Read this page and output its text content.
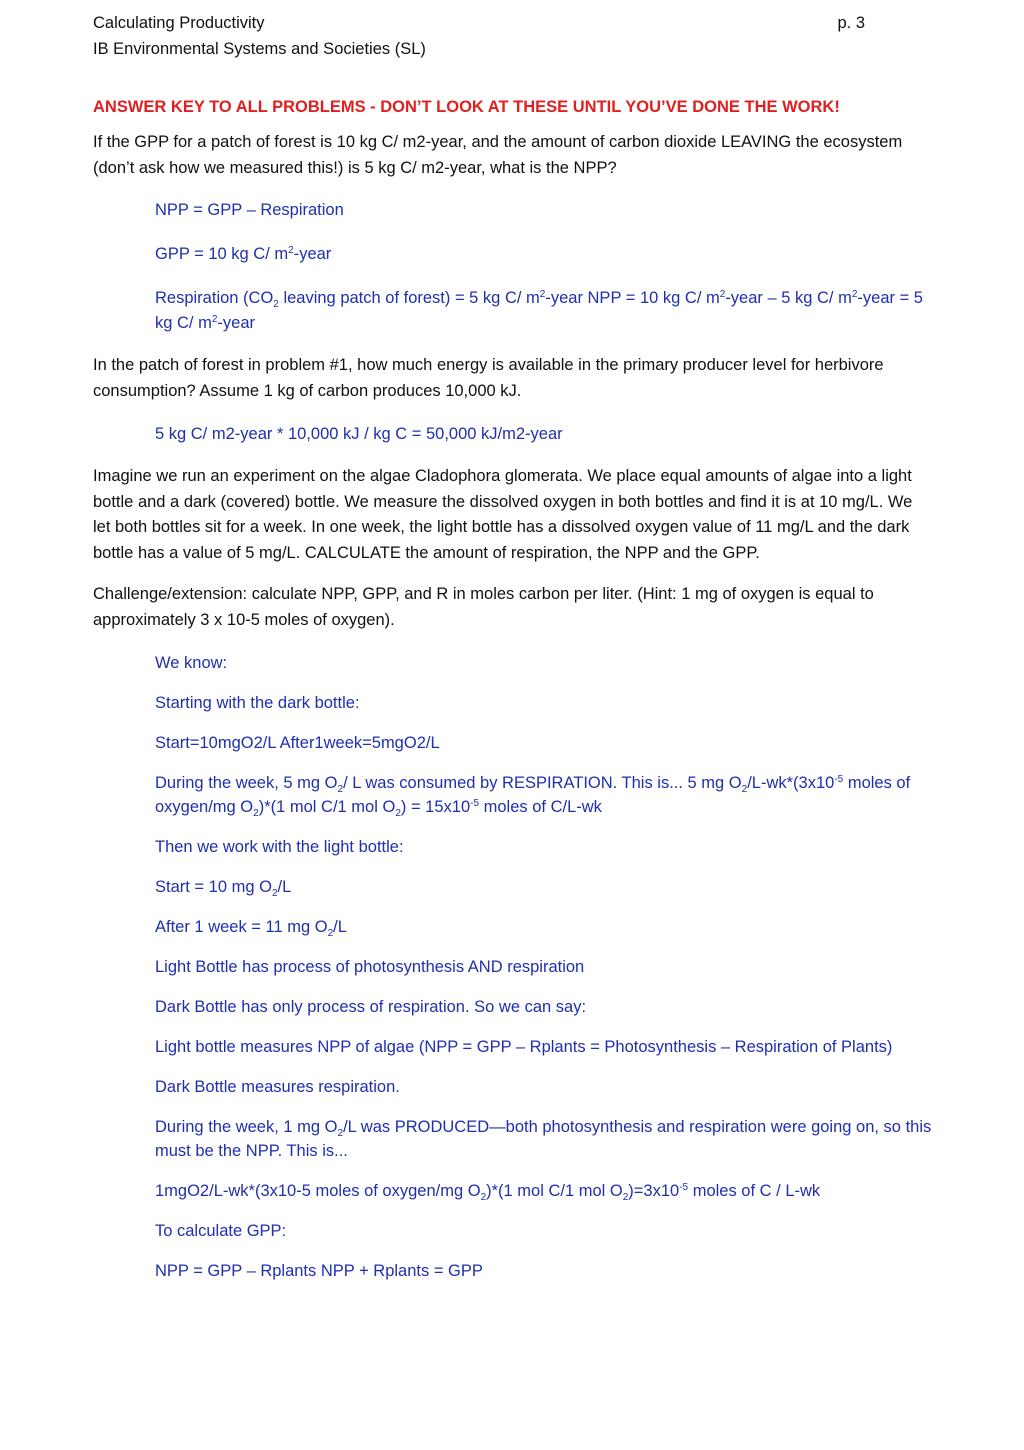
Calculating Productivity
IB Environmental Systems and Societies (SL)
p. 3
ANSWER KEY TO ALL PROBLEMS - DON’T LOOK AT THESE UNTIL YOU’VE DONE THE WORK!
If the GPP for a patch of forest is 10 kg C/ m2-year, and the amount of carbon dioxide LEAVING the ecosystem (don’t ask how we measured this!) is 5 kg C/ m2-year, what is the NPP?
NPP = GPP – Respiration
GPP = 10 kg C/ $m^2$-year
Respiration ($CO_2$ leaving patch of forest) = 5 kg C/ $m^2$-year NPP = 10 kg C/ $m^2$-year – 5 kg C/ $m^2$-year = 5 kg C/ $m^2$-year
In the patch of forest in problem #1, how much energy is available in the primary producer level for herbivore consumption? Assume 1 kg of carbon produces 10,000 kJ.
5 kg C/ m2-year * 10,000 kJ / kg C = 50,000 kJ/m2-year
Imagine we run an experiment on the algae Cladophora glomerata. We place equal amounts of algae into a light bottle and a dark (covered) bottle. We measure the dissolved oxygen in both bottles and find it is at 10 mg/L. We let both bottles sit for a week. In one week, the light bottle has a dissolved oxygen value of 11 mg/L and the dark bottle has a value of 5 mg/L. CALCULATE the amount of respiration, the NPP and the GPP.
Challenge/extension: calculate NPP, GPP, and R in moles carbon per liter. (Hint: 1 mg of oxygen is equal to approximately 3 x 10-5 moles of oxygen).
We know:
Starting with the dark bottle:
Start=10mgO2/L After1week=5mgO2/L
During the week, 5 mg $O_2/$ L was consumed by RESPIRATION. This is... 5 mg $O_2/L-wk*(3x10^{-5}$ moles of oxygen/mg $O_2)*(1$ mol C/1 mol $O_2) = 15x10^{-5}$ moles of C/L-wk
Then we work with the light bottle:
Start = 10 mg $O_2/L$
After 1 week = 11 mg $O_2/L$
Light Bottle has process of photosynthesis AND respiration
Dark Bottle has only process of respiration. So we can say:
Light bottle measures NPP of algae (NPP = GPP – Rplants = Photosynthesis – Respiration of Plants)
Dark Bottle measures respiration.
During the week, 1 mg $O_2/L$ was PRODUCED—both photosynthesis and respiration were going on, so this must be the NPP. This is...
1mgO2/L-wk*(3x10-5 moles of oxygen/mg $O_2)*(1$ mol C/1 mol $O_2)=3x10^{-5}$ moles of C / L-wk
To calculate GPP:
NPP = GPP – Rplants NPP + Rplants = GPP
